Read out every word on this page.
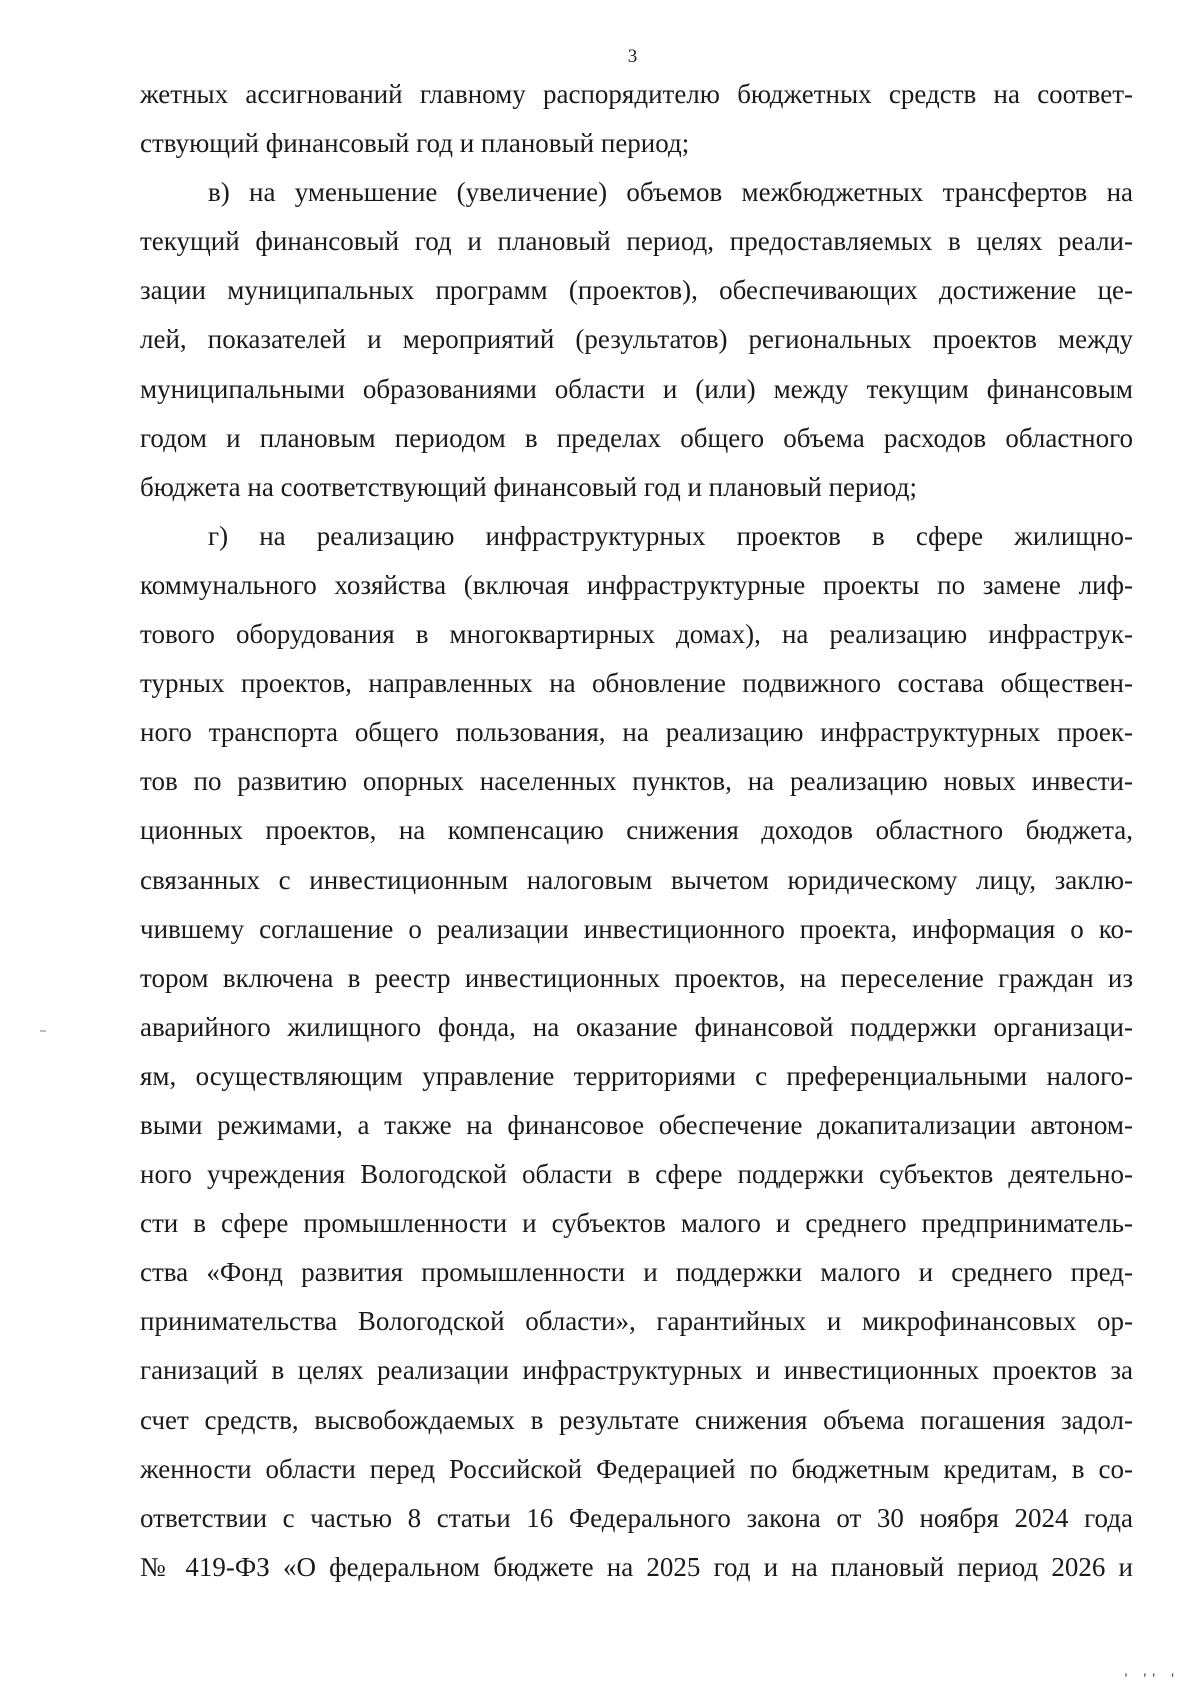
3
жетных ассигнований главному распорядителю бюджетных средств на соответ-
ствующий финансовый год и плановый период;
в) на уменьшение (увеличение) объемов межбюджетных трансфертов на
текущий финансовый год и плановый период, предоставляемых в целях реали-
зации муниципальных программ (проектов), обеспечивающих достижение це-
лей, показателей и мероприятий (результатов) региональных проектов между
муниципальными образованиями области и (или) между текущим финансовым
годом и плановым периодом в пределах общего объема расходов областного
бюджета на соответствующий финансовый год и плановый период;
г) на реализацию инфраструктурных проектов в сфере жилищно-
коммунального хозяйства (включая инфраструктурные проекты по замене лиф-
тового оборудования в многоквартирных домах), на реализацию инфраструк-
турных проектов, направленных на обновление подвижного состава обществен-
ного транспорта общего пользования, на реализацию инфраструктурных проек-
тов по развитию опорных населенных пунктов, на реализацию новых инвести-
ционных проектов, на компенсацию снижения доходов областного бюджета,
связанных с инвестиционным налоговым вычетом юридическому лицу, заклю-
чившему соглашение о реализации инвестиционного проекта, информация о ко-
тором включена в реестр инвестиционных проектов, на переселение граждан из
аварийного жилищного фонда, на оказание финансовой поддержки организаци-
ям, осуществляющим управление территориями с преференциальными налого-
выми режимами, а также на финансовое обеспечение докапитализации автоном-
ного учреждения Вологодской области в сфере поддержки субъектов деятельно-
сти в сфере промышленности и субъектов малого и среднего предприниматель-
ства «Фонд развития промышленности и поддержки малого и среднего пред-
принимательства Вологодской области», гарантийных и микрофинансовых ор-
ганизаций в целях реализации инфраструктурных и инвестиционных проектов за
счет средств, высвобождаемых в результате снижения объема погашения задол-
женности области перед Российской Федерацией по бюджетным кредитам, в со-
ответствии с частью 8 статьи 16 Федерального закона от 30 ноября 2024 года
№ 419-ФЗ «О федеральном бюджете на 2025 год и на плановый период 2026 и
' '' '
